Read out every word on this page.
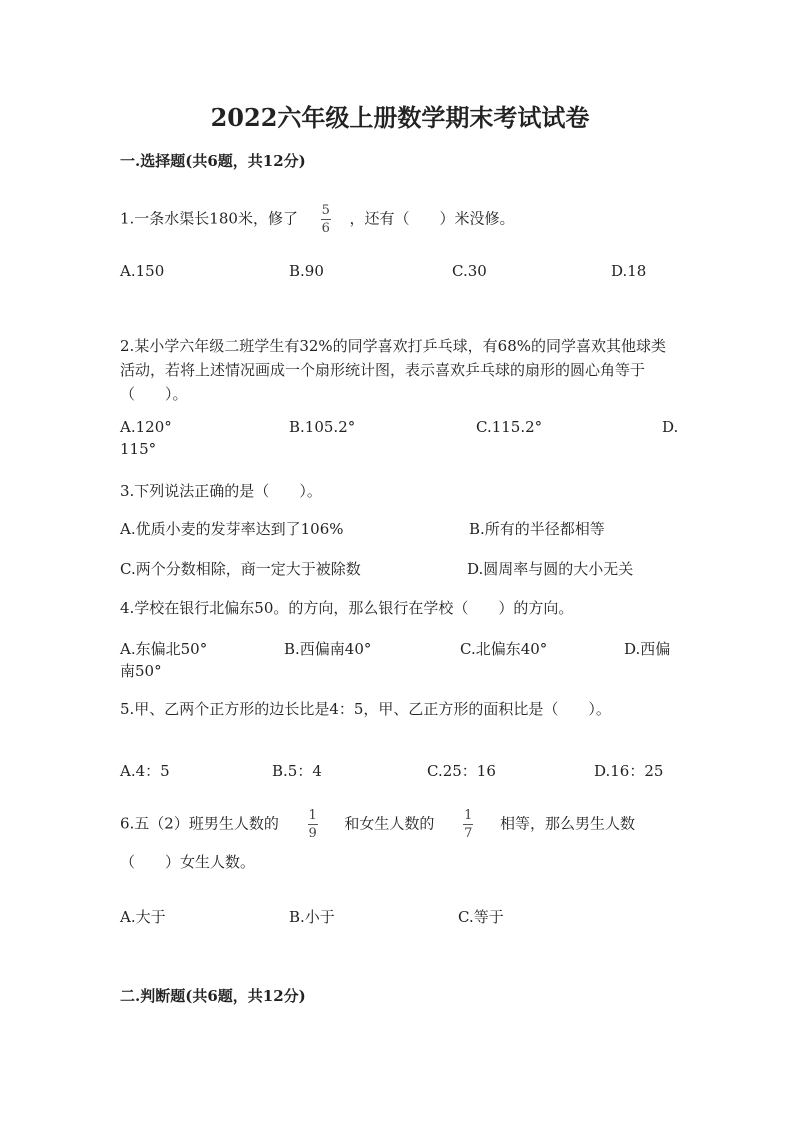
2022六年级上册数学期末考试试卷
一.选择题(共6题，共12分)
1.一条水渠长180米，修了 $\frac{5}{6}$ ，还有（　　）米没修。
A.150	B.90	C.30	D.18
2.某小学六年级二班学生有32%的同学喜欢打乒乓球，有68%的同学喜欢其他球类活动，若将上述情况画成一个扇形统计图，表示喜欢乒乓球的扇形的圆心角等于（　　）。
A.120°	B.105.2°	C.115.2°	D.
115°
3.下列说法正确的是（　　）。
A.优质小麦的发芽率达到了106%	B.所有的半径都相等
C.两个分数相除，商一定大于被除数	D.圆周率与圆的大小无关
4.学校在银行北偏东50。的方向，那么银行在学校（　　）的方向。
A.东偏北50°	B.西偏南40°	C.北偏东40°	D.西偏
南50°
5.甲、乙两个正方形的边长比是4：5，甲、乙正方形的面积比是（　　）。
A.4：5	B.5：4	C.25：16	D.16：25
6.五（2）班男生人数的 $\frac{1}{9}$ 和女生人数的 $\frac{1}{7}$ 相等，那么男生人数
（　　）女生人数。
A.大于	B.小于	C.等于
二.判断题(共6题，共12分)
